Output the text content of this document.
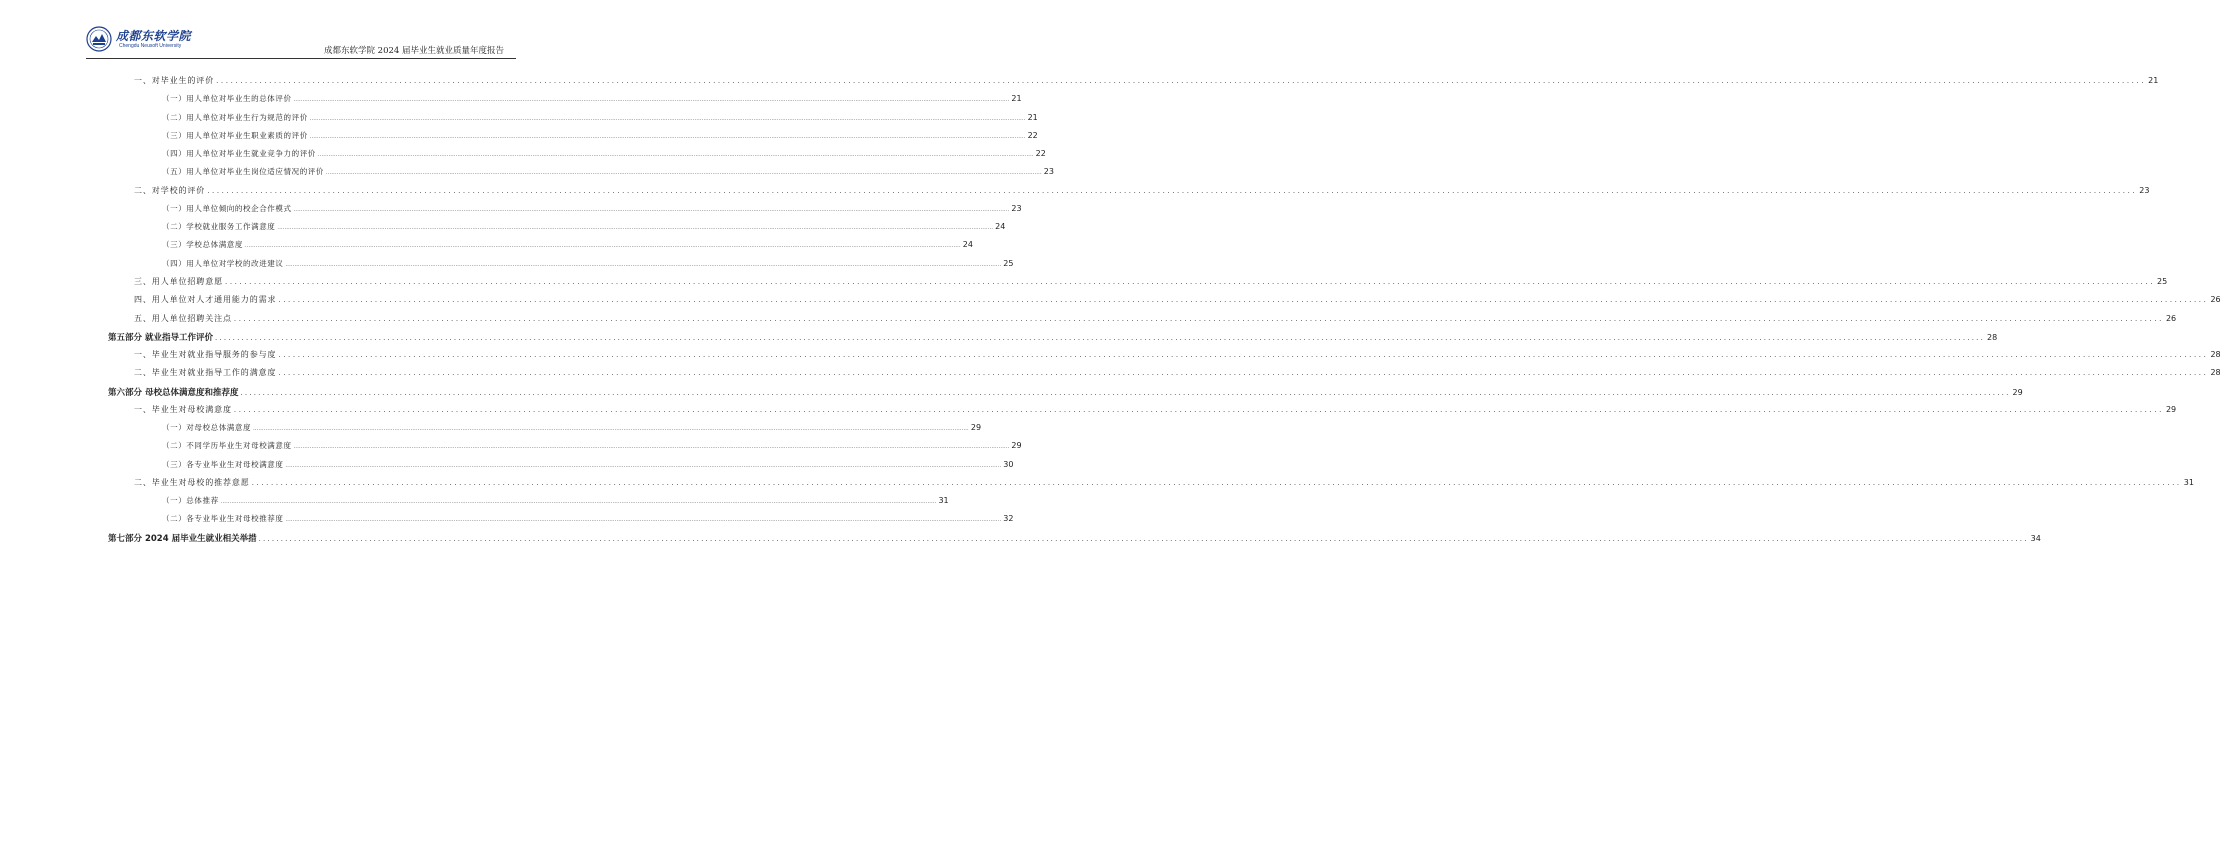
成都东软学院
Chengdu Neusoft University	成都东软学院 2024 届毕业生就业质量年度报告
一、对毕业生的评价 ................................................................................................................................................................................................................................................................................................................................................................................................................ 21
（一）用人单位对毕业生的总体评价 ................................................................................................................................................................................................................................................................................................................................................................................................................ 21
（二）用人单位对毕业生行为规范的评价 ................................................................................................................................................................................................................................................................................................................................................................................................................ 21
（三）用人单位对毕业生职业素质的评价 ................................................................................................................................................................................................................................................................................................................................................................................................................ 22
（四）用人单位对毕业生就业竞争力的评价 ................................................................................................................................................................................................................................................................................................................................................................................................................ 22
（五）用人单位对毕业生岗位适应情况的评价 ................................................................................................................................................................................................................................................................................................................................................................................................................ 23
二、对学校的评价 ................................................................................................................................................................................................................................................................................................................................................................................................................ 23
（一）用人单位倾向的校企合作模式 ................................................................................................................................................................................................................................................................................................................................................................................................................ 23
（二）学校就业服务工作满意度 ................................................................................................................................................................................................................................................................................................................................................................................................................ 24
（三）学校总体满意度 ................................................................................................................................................................................................................................................................................................................................................................................................................ 24
（四）用人单位对学校的改进建议 ................................................................................................................................................................................................................................................................................................................................................................................................................ 25
三、用人单位招聘意愿 ................................................................................................................................................................................................................................................................................................................................................................................................................ 25
四、用人单位对人才通用能力的需求 ................................................................................................................................................................................................................................................................................................................................................................................................................ 26
五、用人单位招聘关注点 ................................................................................................................................................................................................................................................................................................................................................................................................................ 26
第五部分 就业指导工作评价 ................................................................................................................................................................................................................................................................................................................................................................................................................ 28
一、毕业生对就业指导服务的参与度 ................................................................................................................................................................................................................................................................................................................................................................................................................ 28
二、毕业生对就业指导工作的满意度 ................................................................................................................................................................................................................................................................................................................................................................................................................ 28
第六部分 母校总体满意度和推荐度 ................................................................................................................................................................................................................................................................................................................................................................................................................ 29
一、毕业生对母校满意度 ................................................................................................................................................................................................................................................................................................................................................................................................................ 29
（一）对母校总体满意度 ................................................................................................................................................................................................................................................................................................................................................................................................................ 29
（二）不同学历毕业生对母校满意度 ................................................................................................................................................................................................................................................................................................................................................................................................................ 29
（三）各专业毕业生对母校满意度 ................................................................................................................................................................................................................................................................................................................................................................................................................ 30
二、毕业生对母校的推荐意愿 ................................................................................................................................................................................................................................................................................................................................................................................................................ 31
（一）总体推荐 ................................................................................................................................................................................................................................................................................................................................................................................................................ 31
（二）各专业毕业生对母校推荐度 ................................................................................................................................................................................................................................................................................................................................................................................................................ 32
第七部分 2024 届毕业生就业相关举措 ................................................................................................................................................................................................................................................................................................................................................................................................................ 34
